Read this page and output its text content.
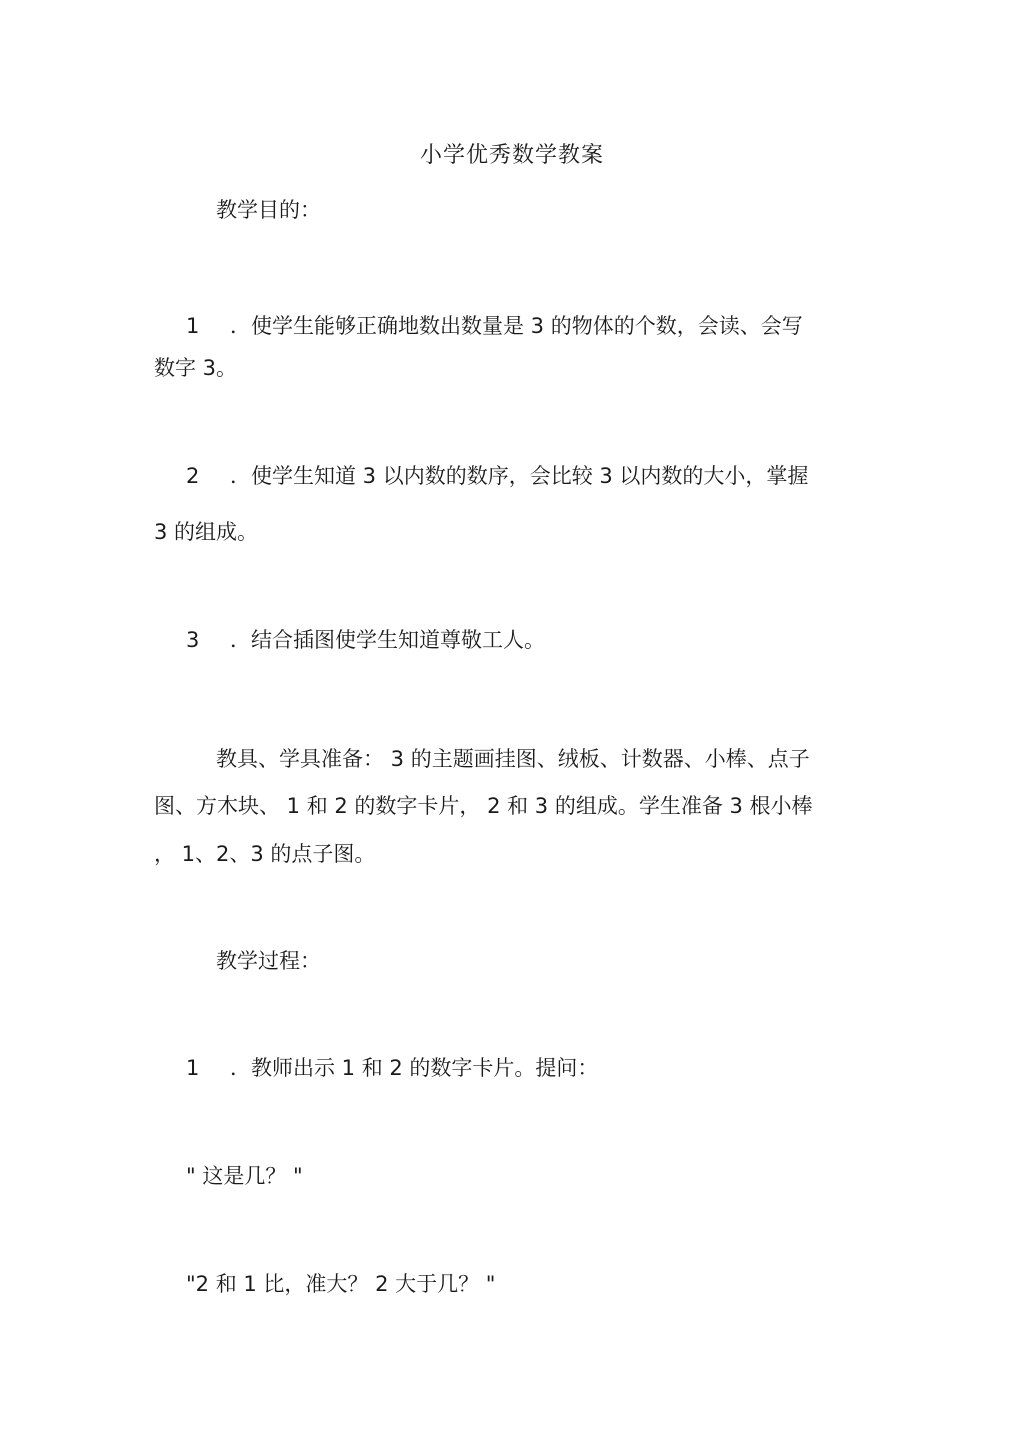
小学优秀数学教案
教学目的：
1 ．使学生能够正确地数出数量是 3 的物体的个数，会读、会写
数字 3。
2 ．使学生知道 3 以内数的数序，会比较 3 以内数的大小，掌握
3 的组成。
3 ．结合插图使学生知道尊敬工人。
教具、学具准备： 3 的主题画挂图、绒板、计数器、小棒、点子
图、方木块、 1 和 2 的数字卡片， 2 和 3 的组成。学生准备 3 根小棒
， 1、2、3 的点子图。
教学过程：
1 ．教师出示 1 和 2 的数字卡片。提问：
" 这是几？ "
"2 和 1 比，准大？ 2 大于几？ "
